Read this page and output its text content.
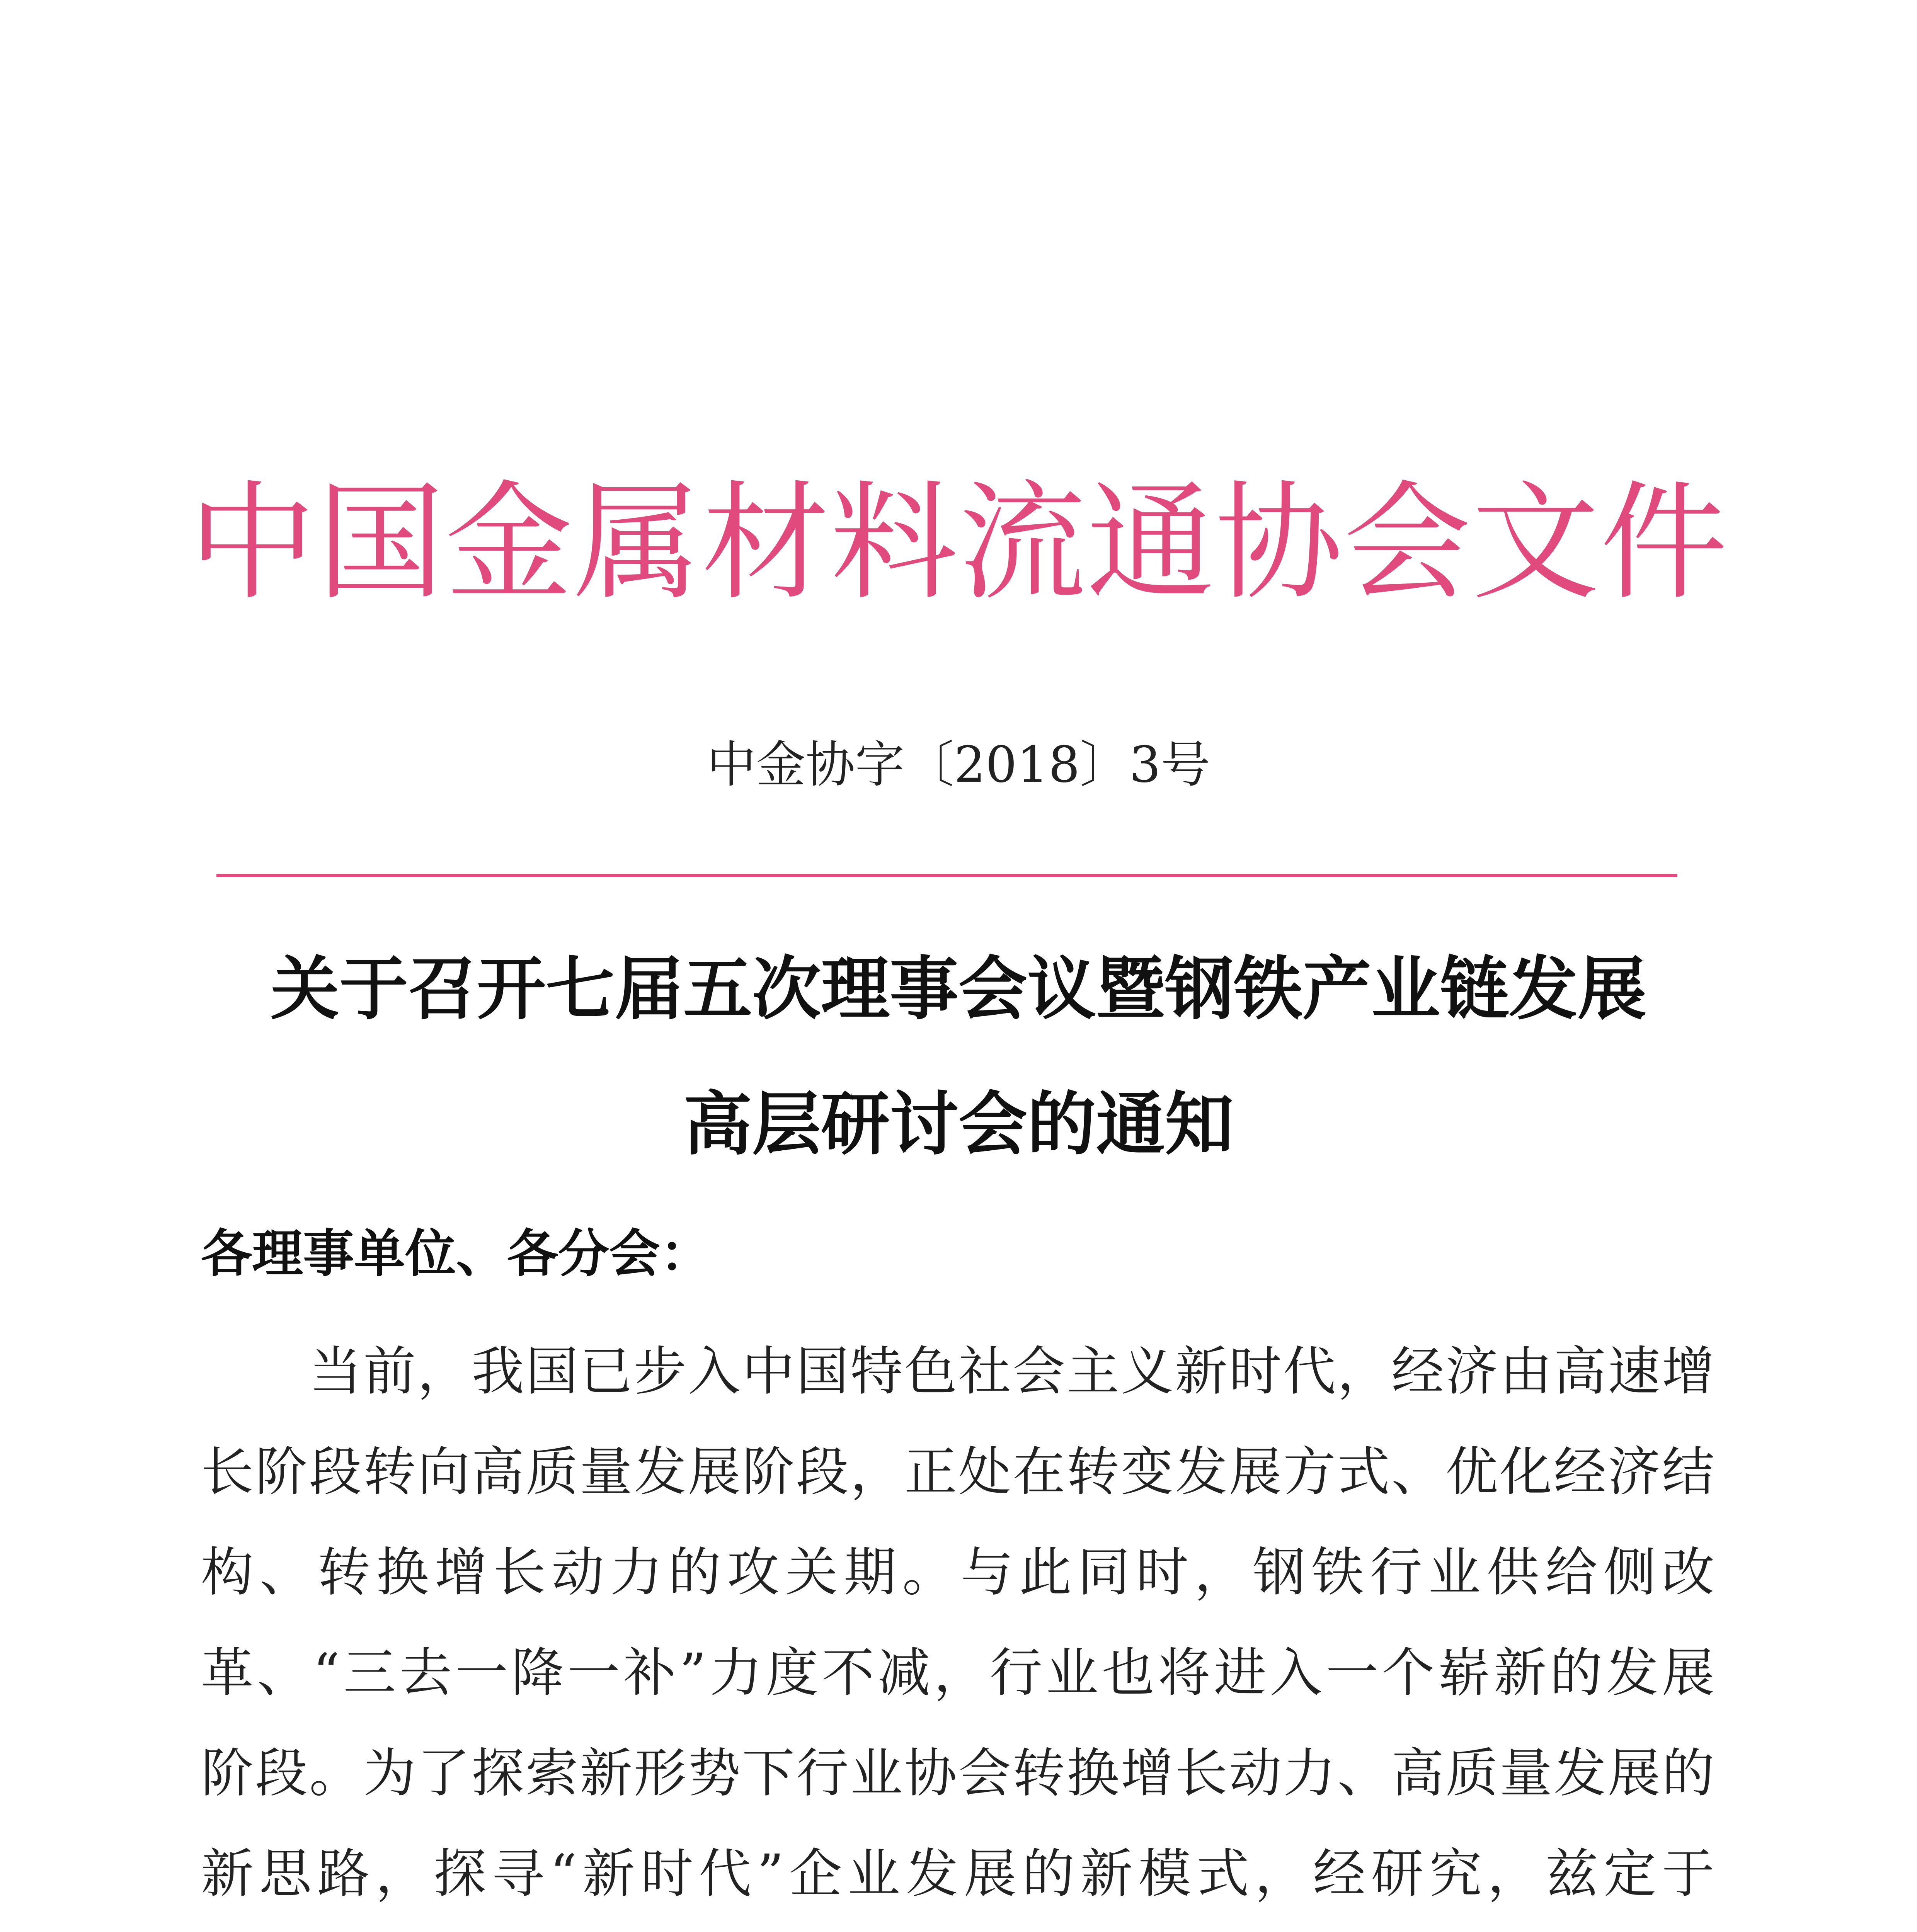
中国金属材料流通协会文件
中金协字〔2018〕3号
关于召开七届五次理事会议暨钢铁产业链发展
高层研讨会的通知
各理事单位、各分会：
当前，我国已步入中国特色社会主义新时代，经济由高速增长阶段转向高质量发展阶段，正处在转变发展方式、优化经济结构、转换增长动力的攻关期。与此同时，钢铁行业供给侧改革、“三去一降一补”力度不减，行业也将进入一个崭新的发展阶段。为了探索新形势下行业协会转换增长动力、高质量发展的新思路，探寻“新时代”企业发展的新模式，经研究，兹定于
